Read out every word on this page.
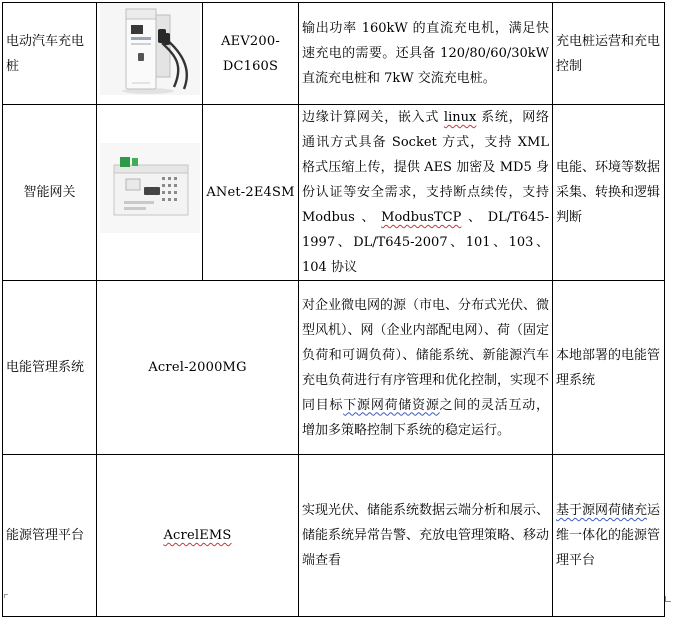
电动汽车充电桩		AEV200-DC160S	输出功率 160kW 的直流充电机，满足快速充电的需要。还具备 120/80/60/30kW 直流充电桩和 7kW 交流充电桩。	充电桩运营和充电控制
智能网关		ANet-2E4SM	边缘计算网关，嵌入式 linux 系统，网络通讯方式具备 Socket 方式，支持 XML 格式压缩上传，提供 AES 加密及 MD5 身份认证等安全需求，支持断点续传，支持 Modbus、ModbusTCP、DL/T645-1997、DL/T645-2007、101、103、104 协议	电能、环境等数据采集、转换和逻辑判断
电能管理系统	Acrel-2000MG		对企业微电网的源（市电、分布式光伏、微型风机）、网（企业内部配电网）、荷（固定负荷和可调负荷）、储能系统、新能源汽车充电负荷进行有序管理和优化控制，实现不同目标下源网荷储资源之间的灵活互动，增加多策略控制下系统的稳定运行。	本地部署的电能管理系统
能源管理平台	AcrelEMS		实现光伏、储能系统数据云端分析和展示、储能系统异常告警、充放电管理策略、移动端查看	基于源网荷储充运维一体化的能源管理平台
